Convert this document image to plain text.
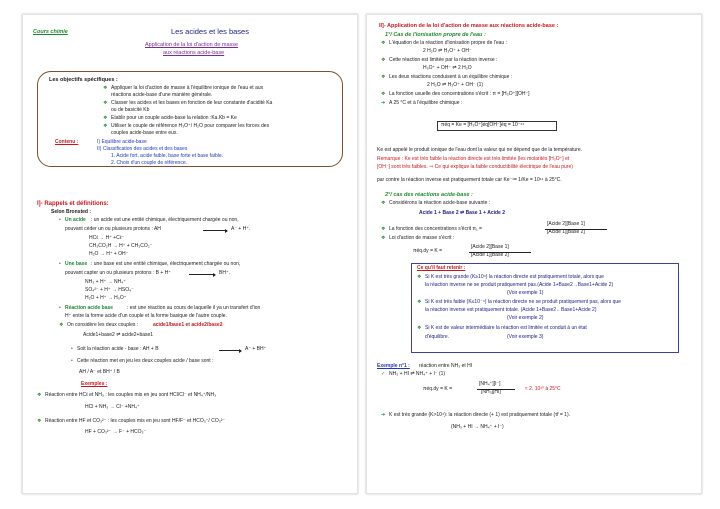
Cours chimie	Les acides et les bases
Application de la loi d'action de masse
aux réactions acide-base
Les objectifs spécifiques :
❖ Appliquer la loi d'action de masse à l'équilibre ionique de l'eau et aux
réactions acide-base d'une manière générale.
❖ Classer les acides et les bases en fonction de leur constante d'acidité Ka
ou de basicité Kb
❖ Etablir pour un couple acide-base la relation :Ka.Kb = Ke
❖ Utiliser le couple de référence H₃O⁺/ H₂O pour comparer les forces des
couples acide-base entre eux.
Contenu :	I) Equilibre acide-base
II) Classification des acides et des bases
1. Acide fort, acide faible, base forte et base faible.
2. Choix d'un couple de référence.
I]- Rappels et définitions:
Selon Bronsted :
• Un acide : un acide est une entité chimique, électriquement chargée ou non,
pouvant céder un ou plusieurs protons : AH	→ A⁻ + H⁺.
HCℓ → H⁺ +Cℓ⁻
CH₃CO₂H → H⁺ + CH₃CO₂⁻
H₂O → H⁺ + OH⁻
• Une base : une base est une entité chimique, électriquement chargée ou non,
pouvant capter un ou plusieurs protons : B + H⁺ → BH⁺.
NH₃ + H⁺ → NH₄⁺
SO₄²⁻ + H⁺ → HSO₄⁻
H₂O + H⁺ → H₃O⁺
• Réaction acide base	: est une réaction au cours de laquelle il ya un transfert d'ion
H⁺ entre la forme acide d'un couple et la forme basique de l'autre couple.
❖ On considère les deux couples :	acide1/base1 et acide2/base2
Acide1+base2 ⇌ acide2+base1
• Soit la réaction acide - base : AH + B	→ A⁻ + BH⁺
• Cette réaction met en jeu les deux couples acide / base sont :
AH / A⁻ et BH⁺ / B
Exemples :
❖ Réaction entre HCℓ et NH₃ : les couples mis en jeu sont HCl/Cl⁻ et NH₄⁺/NH₃
HCl + NH₃ → Cl⁻ +NH₄⁺
❖ Réaction entre HF et CO₃²⁻ : les couples mis en jeu sont HF/F⁻ et HCO₃⁻/ CO₃²⁻
HF + CO₃²⁻ → F⁻ + HCO₃⁻
II]- Application de la loi d'action de masse aux réactions acide-base :
1°/ Cas de l'ionisation propre de l'eau :
❖ L'équation de la réaction d'ionisation propre de l'eau :
2 H₂O ⇌ H₃O⁺ + OH⁻
❖ Cette réaction est limitée par la réaction inverse :
H₃O⁺ + OH⁻ ⇌ 2 H₂O
❖ Les deux réactions conduisent à un équilibre chimique :
2 H₂O ⇌ H₃O⁺ + OH⁻ (1)
❖ La fonction usuelle des concentrations s'écrit : π = [H₃O⁺][OH⁻]
➔ A 25 °C et à l'équilibre chimique :
πéq = Ke = [H₃O⁺]éq[OH⁻]éq = 10⁻¹⁴
Ke est appelé le produit ionique de l'eau dont la valeur qui ne dépend que de la température.
Remarque : Ke est très faible la réaction directe est très limitée (les molarités [H₃O⁺] et
[OH⁻] sont très faibles. ⇒ Ce qui explique la faible conductibilité électrique de l'eau pure)
par contre la réaction inverse est pratiquement totale car Ke⁻¹= 1/Ke = 10¹⁴ à 25°C.
2°/ cas des réactions acide-base :
❖ Considérons la réaction acide-base suivante :
Acide 1 + Base 2 ⇌ Base 1 + Acide 2
❖ La fonction des concentrations s'écrit π₁ =
[Acide 2][Base 1]
[Acide 1][Base 2]
❖ Loi d'action de masse s'écrit :
πéq.dy = K =
[Acide 2][Base 1]
[Acide 1][Base 2]
Ce qu'il faut retenir :
❖ Si K est très grande (K≥10⁴) la réaction directe est pratiquement totale, alors que
la réaction inverse ne se produit pratiquement pas.(Acide 1+Base2→Base1+Acide 2)
(Voir exemple 1)
❖ Si K est très faible (K≤10⁻⁴) la réaction directe ne se produit pratiquement pas, alors que
la réaction inverse est pratiquement totale. (Acide 1+Base2←Base1+Acide 2)
(Voir exemple 2)
❖ Si K est de valeur intermédiaire la réaction est limitée et conduit à un état
d'équilibre.	(Voir exemple 3)
Exemple n°1 : réaction entre NH₃ et HI
✓ NH₃ + HI ⇌ NH₄⁺ + I⁻ (1)
πéq.dy = K =
[NH₄⁺][I⁻]
[NH₃][HI]	≈ 2. 10¹⁰ à 25°C
➔ K est très grande (K>10⁴): la réaction directe (+ 1) est pratiquement totale (τf = 1).
(NH₃ + HI → NH₄⁺ + I⁻)
